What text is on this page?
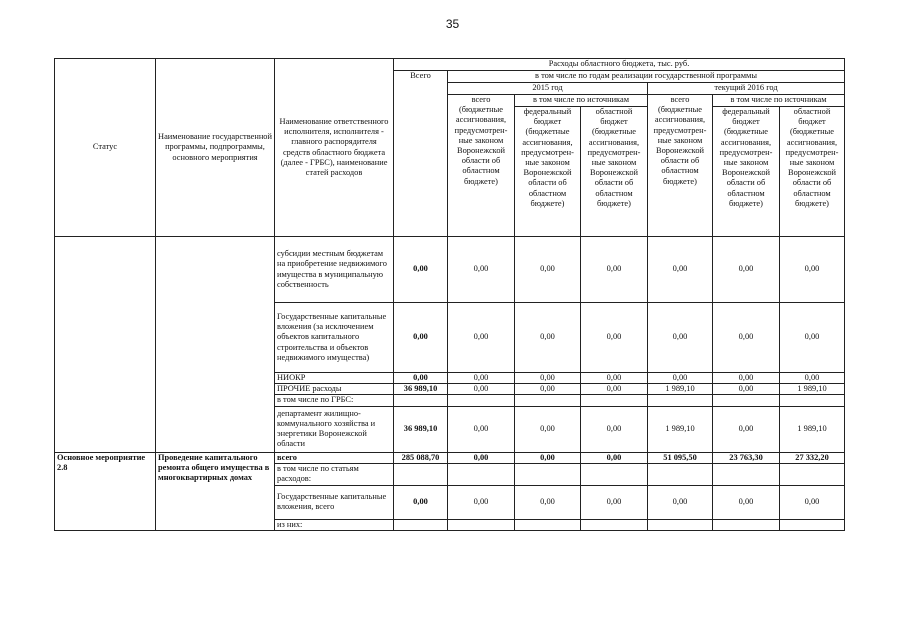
35
Статус	Наименование государственной программы, подпрограммы, основного мероприятия	Наименование ответственного исполнителя, исполнителя - главного распорядителя средств областного бюджета (далее - ГРБС), наименование статей расходов	Расходы областного бюджета, тыс. руб.						
			Всего	в том числе по годам реализации государственной программы					
				2015 год			текущий 2016 год		
				всего (бюджетные ассигнования, предусмотрен-ные законом Воронежской области об областном бюджете)	в том числе по источникам		всего (бюджетные ассигнования, предусмотрен-ные законом Воронежской области об областном бюджете)	в том числе по источникам	
					федеральный бюджет (бюджетные ассигнования, предусмотрен-ные законом Воронежской области об областном бюджете)	областной бюджет (бюджетные ассигнования, предусмотрен-ные законом Воронежской области об областном бюджете)		федеральный бюджет (бюджетные ассигнования, предусмотрен-ные законом Воронежской области об областном бюджете)	областной бюджет (бюджетные ассигнования, предусмотрен-ные законом Воронежской области об областном бюджете)
		субсидии местным бюджетам на приобретение недвижимого имущества в муниципальную собственность	0,00	0,00	0,00	0,00	0,00	0,00	0,00
		Государственные капитальные вложения (за исключением объектов капитального строительства и объектов недвижимого имущества)	0,00	0,00	0,00	0,00	0,00	0,00	0,00
		НИОКР	0,00	0,00	0,00	0,00	0,00	0,00	0,00
		ПРОЧИЕ расходы	36 989,10	0,00	0,00	0,00	1 989,10	0,00	1 989,10
		в том числе по ГРБС:							
		департамент жилищно-коммунального хозяйства и энергетики Воронежской области	36 989,10	0,00	0,00	0,00	1 989,10	0,00	1 989,10
Основное мероприятие 2.8	Проведение капитального ремонта общего имущества в многоквартирных домах	всего	285 088,70	0,00	0,00	0,00	51 095,50	23 763,30	27 332,20
		в том числе по статьям расходов:							
		Государственные капитальные вложения, всего	0,00	0,00	0,00	0,00	0,00	0,00	0,00
		из них:							
